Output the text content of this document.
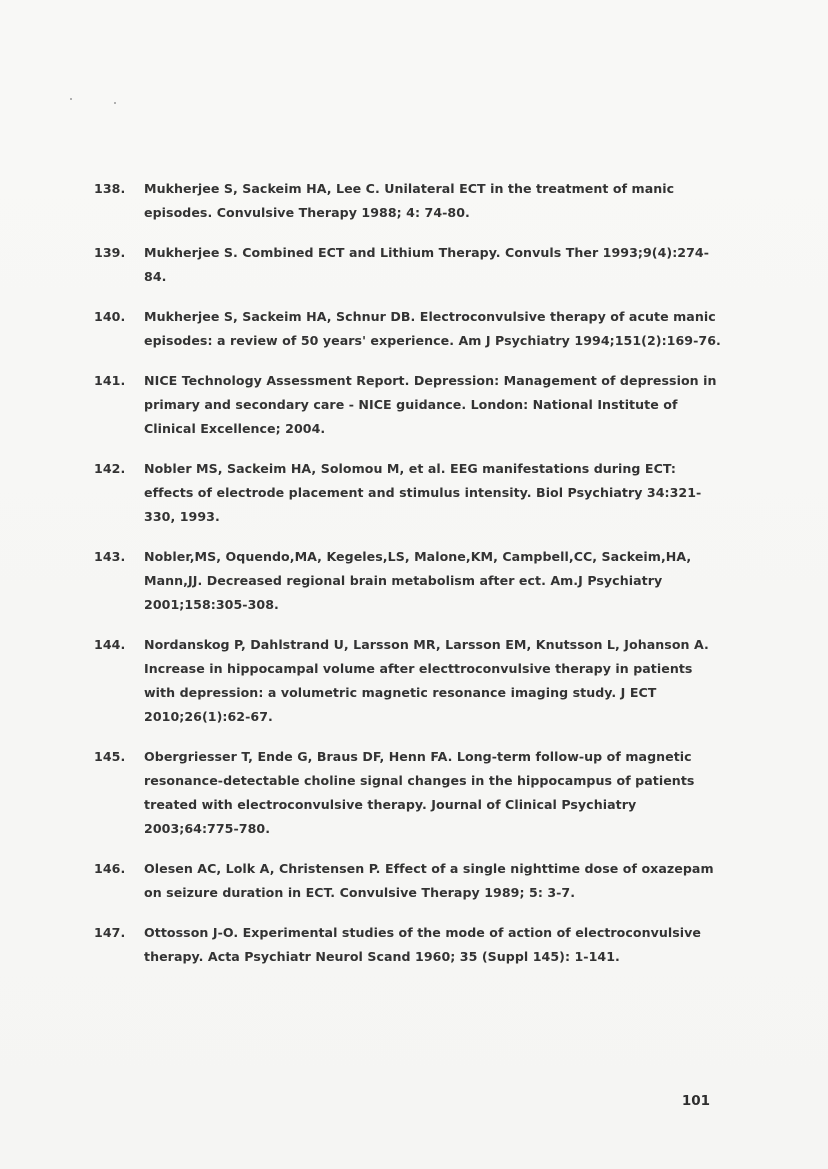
138.	Mukherjee S, Sackeim HA, Lee C. Unilateral ECT in the treatment of manic episodes. Convulsive Therapy 1988; 4: 74-80.
139.	Mukherjee S. Combined ECT and Lithium Therapy. Convuls Ther 1993;9(4):274-84.
140.	Mukherjee S, Sackeim HA, Schnur DB. Electroconvulsive therapy of acute manic episodes: a review of 50 years' experience. Am J Psychiatry 1994;151(2):169-76.
141.	NICE Technology Assessment Report. Depression: Management of depression in primary and secondary care - NICE guidance. London: National Institute of Clinical Excellence; 2004.
142.	Nobler MS, Sackeim HA, Solomou M, et al. EEG manifestations during ECT: effects of electrode placement and stimulus intensity. Biol Psychiatry 34:321-330, 1993.
143.	Nobler,MS, Oquendo,MA, Kegeles,LS, Malone,KM, Campbell,CC, Sackeim,HA, Mann,JJ. Decreased regional brain metabolism after ect. Am.J Psychiatry 2001;158:305-308.
144.	Nordanskog P, Dahlstrand U, Larsson MR, Larsson EM, Knutsson L, Johanson A. Increase in hippocampal volume after electtroconvulsive therapy in patients with depression: a volumetric magnetic resonance imaging study. J ECT 2010;26(1):62-67.
145.	Obergriesser T, Ende G, Braus DF, Henn FA. Long-term follow-up of magnetic resonance-detectable choline signal changes in the hippocampus of patients treated with electroconvulsive therapy. Journal of Clinical Psychiatry 2003;64:775-780.
146.	Olesen AC, Lolk A, Christensen P. Effect of a single nighttime dose of oxazepam on seizure duration in ECT. Convulsive Therapy 1989; 5: 3-7.
147.	Ottosson J-O. Experimental studies of the mode of action of electroconvulsive therapy. Acta Psychiatr Neurol Scand 1960; 35 (Suppl 145): 1-141.
101
